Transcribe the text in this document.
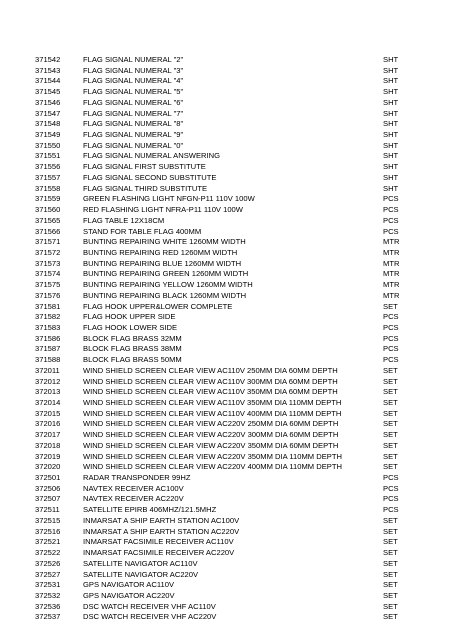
371542	FLAG SIGNAL NUMERAL "2"	SHT
371543	FLAG SIGNAL NUMERAL "3"	SHT
371544	FLAG SIGNAL NUMERAL "4"	SHT
371545	FLAG SIGNAL NUMERAL "5"	SHT
371546	FLAG SIGNAL NUMERAL "6"	SHT
371547	FLAG SIGNAL NUMERAL "7"	SHT
371548	FLAG SIGNAL NUMERAL "8"	SHT
371549	FLAG SIGNAL NUMERAL "9"	SHT
371550	FLAG SIGNAL NUMERAL "0"	SHT
371551	FLAG SIGNAL NUMERAL ANSWERING	SHT
371556	FLAG SIGNAL FIRST SUBSTITUTE	SHT
371557	FLAG SIGNAL SECOND SUBSTITUTE	SHT
371558	FLAG SIGNAL THIRD SUBSTITUTE	SHT
371559	GREEN FLASHING LIGHT NFGN-P11 110V 100W	PCS
371560	RED FLASHING LIGHT NFRA-P11 110V 100W	PCS
371565	FLAG TABLE 12X18CM	PCS
371566	STAND FOR TABLE FLAG 400MM	PCS
371571	BUNTING REPAIRING WHITE 1260MM WIDTH	MTR
371572	BUNTING REPAIRING RED 1260MM WIDTH	MTR
371573	BUNTING REPAIRING BLUE 1260MM WIDTH	MTR
371574	BUNTING REPAIRING GREEN 1260MM WIDTH	MTR
371575	BUNTING REPAIRING YELLOW 1260MM WIDTH	MTR
371576	BUNTING REPAIRING BLACK 1260MM WIDTH	MTR
371581	FLAG HOOK UPPER&LOWER COMPLETE	SET
371582	FLAG HOOK UPPER SIDE	PCS
371583	FLAG HOOK LOWER SIDE	PCS
371586	BLOCK FLAG BRASS 32MM	PCS
371587	BLOCK FLAG BRASS 38MM	PCS
371588	BLOCK FLAG BRASS 50MM	PCS
372011	WIND SHIELD SCREEN CLEAR VIEW AC110V 250MM DIA 60MM DEPTH	SET
372012	WIND SHIELD SCREEN CLEAR VIEW AC110V 300MM DIA 60MM DEPTH	SET
372013	WIND SHIELD SCREEN CLEAR VIEW AC110V 350MM DIA 60MM DEPTH	SET
372014	WIND SHIELD SCREEN CLEAR VIEW AC110V 350MM DIA 110MM DEPTH	SET
372015	WIND SHIELD SCREEN CLEAR VIEW AC110V 400MM DIA 110MM DEPTH	SET
372016	WIND SHIELD SCREEN CLEAR VIEW AC220V 250MM DIA 60MM DEPTH	SET
372017	WIND SHIELD SCREEN CLEAR VIEW AC220V 300MM DIA 60MM DEPTH	SET
372018	WIND SHIELD SCREEN CLEAR VIEW AC220V 350MM DIA 60MM DEPTH	SET
372019	WIND SHIELD SCREEN CLEAR VIEW AC220V 350MM DIA 110MM DEPTH	SET
372020	WIND SHIELD SCREEN CLEAR VIEW AC220V 400MM DIA 110MM DEPTH	SET
372501	RADAR TRANSPONDER 99HZ	PCS
372506	NAVTEX RECEIVER AC100V	PCS
372507	NAVTEX RECEIVER AC220V	PCS
372511	SATELLITE EPIRB 406MHZ/121.5MHZ	PCS
372515	INMARSAT A SHIP EARTH STATION AC100V	SET
372516	INMARSAT A SHIP EARTH STATION AC220V	SET
372521	INMARSAT FACSIMILE RECEIVER AC110V	SET
372522	INMARSAT FACSIMILE RECEIVER AC220V	SET
372526	SATELLITE NAVIGATOR AC110V	SET
372527	SATELLITE NAVIGATOR AC220V	SET
372531	GPS NAVIGATOR AC110V	SET
372532	GPS NAVIGATOR AC220V	SET
372536	DSC WATCH RECEIVER VHF AC110V	SET
372537	DSC WATCH RECEIVER VHF AC220V	SET
